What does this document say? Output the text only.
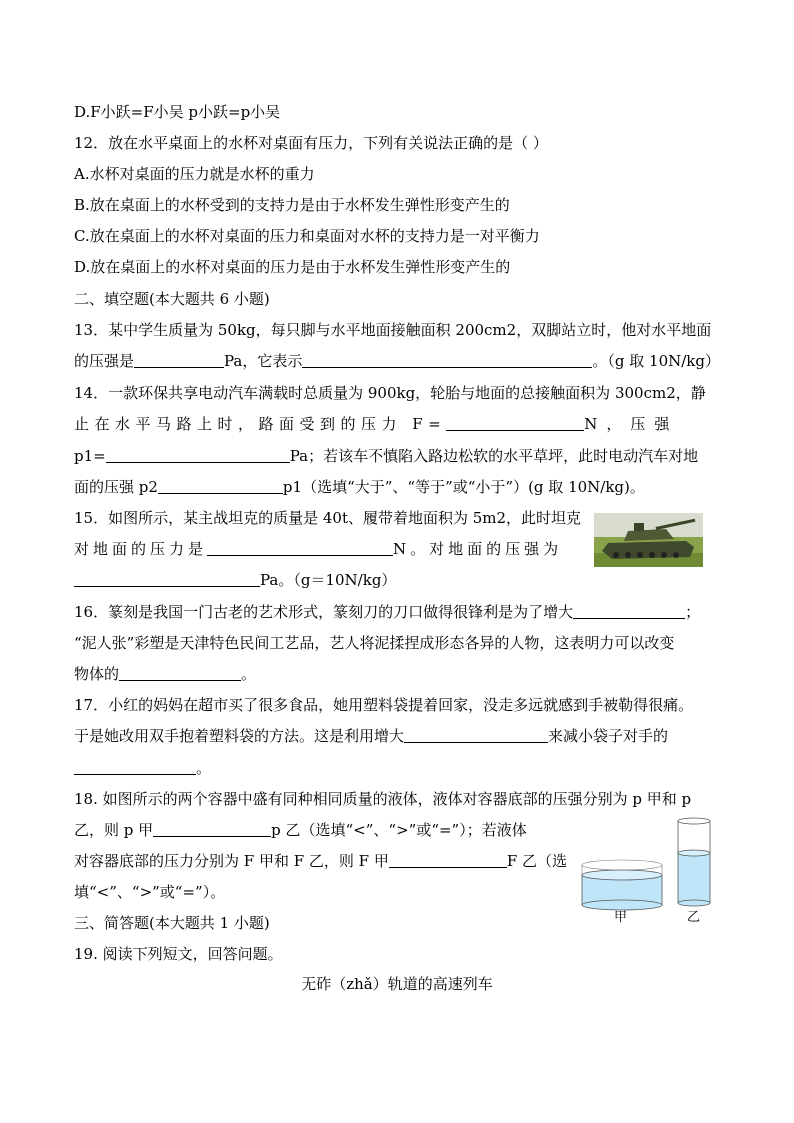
D.F小跃=F小吴 p小跃=p小吴
12．放在水平桌面上的水杯对桌面有压力，下列有关说法正确的是（ ）
A.水杯对桌面的压力就是水杯的重力
B.放在桌面上的水杯受到的支持力是由于水杯发生弹性形变产生的
C.放在桌面上的水杯对桌面的压力和桌面对水杯的支持力是一对平衡力
D.放在桌面上的水杯对桌面的压力是由于水杯发生弹性形变产生的
二、填空题(本大题共 6 小题)
13．某中学生质量为 50kg，每只脚与水平地面接触面积 200cm2，双脚站立时，他对水平地面
的压强是	Pa，它表示	。（g 取 10N/kg）
14．一款环保共享电动汽车满载时总质量为 900kg，轮胎与地面的总接触面积为 300cm2，静
止在水平马路上时，路面受到的压力 F=	N，压强
p1=	Pa；若该车不慎陷入路边松软的水平草坪，此时电动汽车对地
面的压强 p2	p1（选填“大于”、“等于”或“小于”）(g 取 10N/kg)。
15．如图所示，某主战坦克的质量是 40t、履带着地面积为 5m2，此时坦克
对地面的压力是	N。对地面的压强为
Pa。（g＝10N/kg）
16．篆刻是我国一门古老的艺术形式，篆刻刀的刀口做得很锋利是为了增大	；
“泥人张”彩塑是天津特色民间工艺品，艺人将泥揉捏成形态各异的人物，这表明力可以改变
物体的	。
17．小红的妈妈在超市买了很多食品，她用塑料袋提着回家，没走多远就感到手被勒得很痛。
于是她改用双手抱着塑料袋的方法。这是利用增大	来减小袋子对手的
。
18. 如图所示的两个容器中盛有同种相同质量的液体，液体对容器底部的压强分别为 p 甲和 p
乙，则 p 甲	p 乙（选填“<”、“>”或“=”）；若液体
对容器底部的压力分别为 F 甲和 F 乙，则 F 甲	F 乙（选
填“<”、“>”或“=”）。
甲	乙
三、简答题(本大题共 1 小题)
19. 阅读下列短文，回答问题。
无砟（zhǎ）轨道的高速列车
